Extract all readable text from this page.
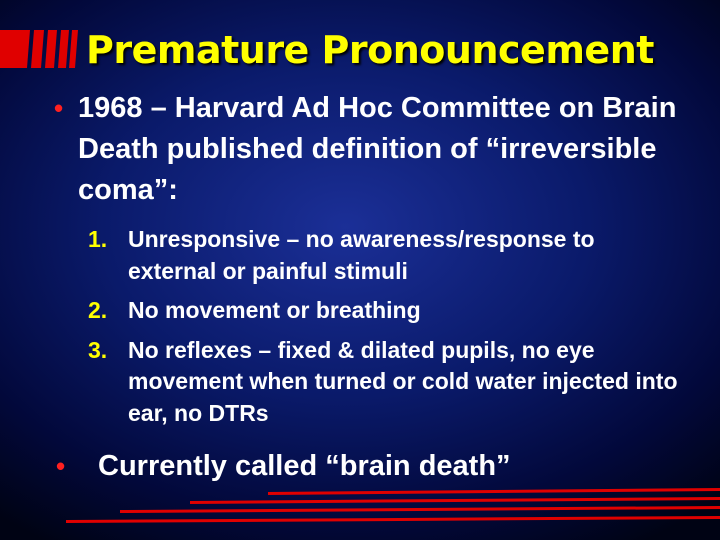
Premature Pronouncement
• 1968 – Harvard Ad Hoc Committee on Brain Death published definition of “irreversible coma”:
1. Unresponsive – no awareness/response to external or painful stimuli
2. No movement or breathing
3. No reflexes – fixed & dilated pupils, no eye movement when turned or cold water injected into ear, no DTRs
•	Currently called “brain death”
